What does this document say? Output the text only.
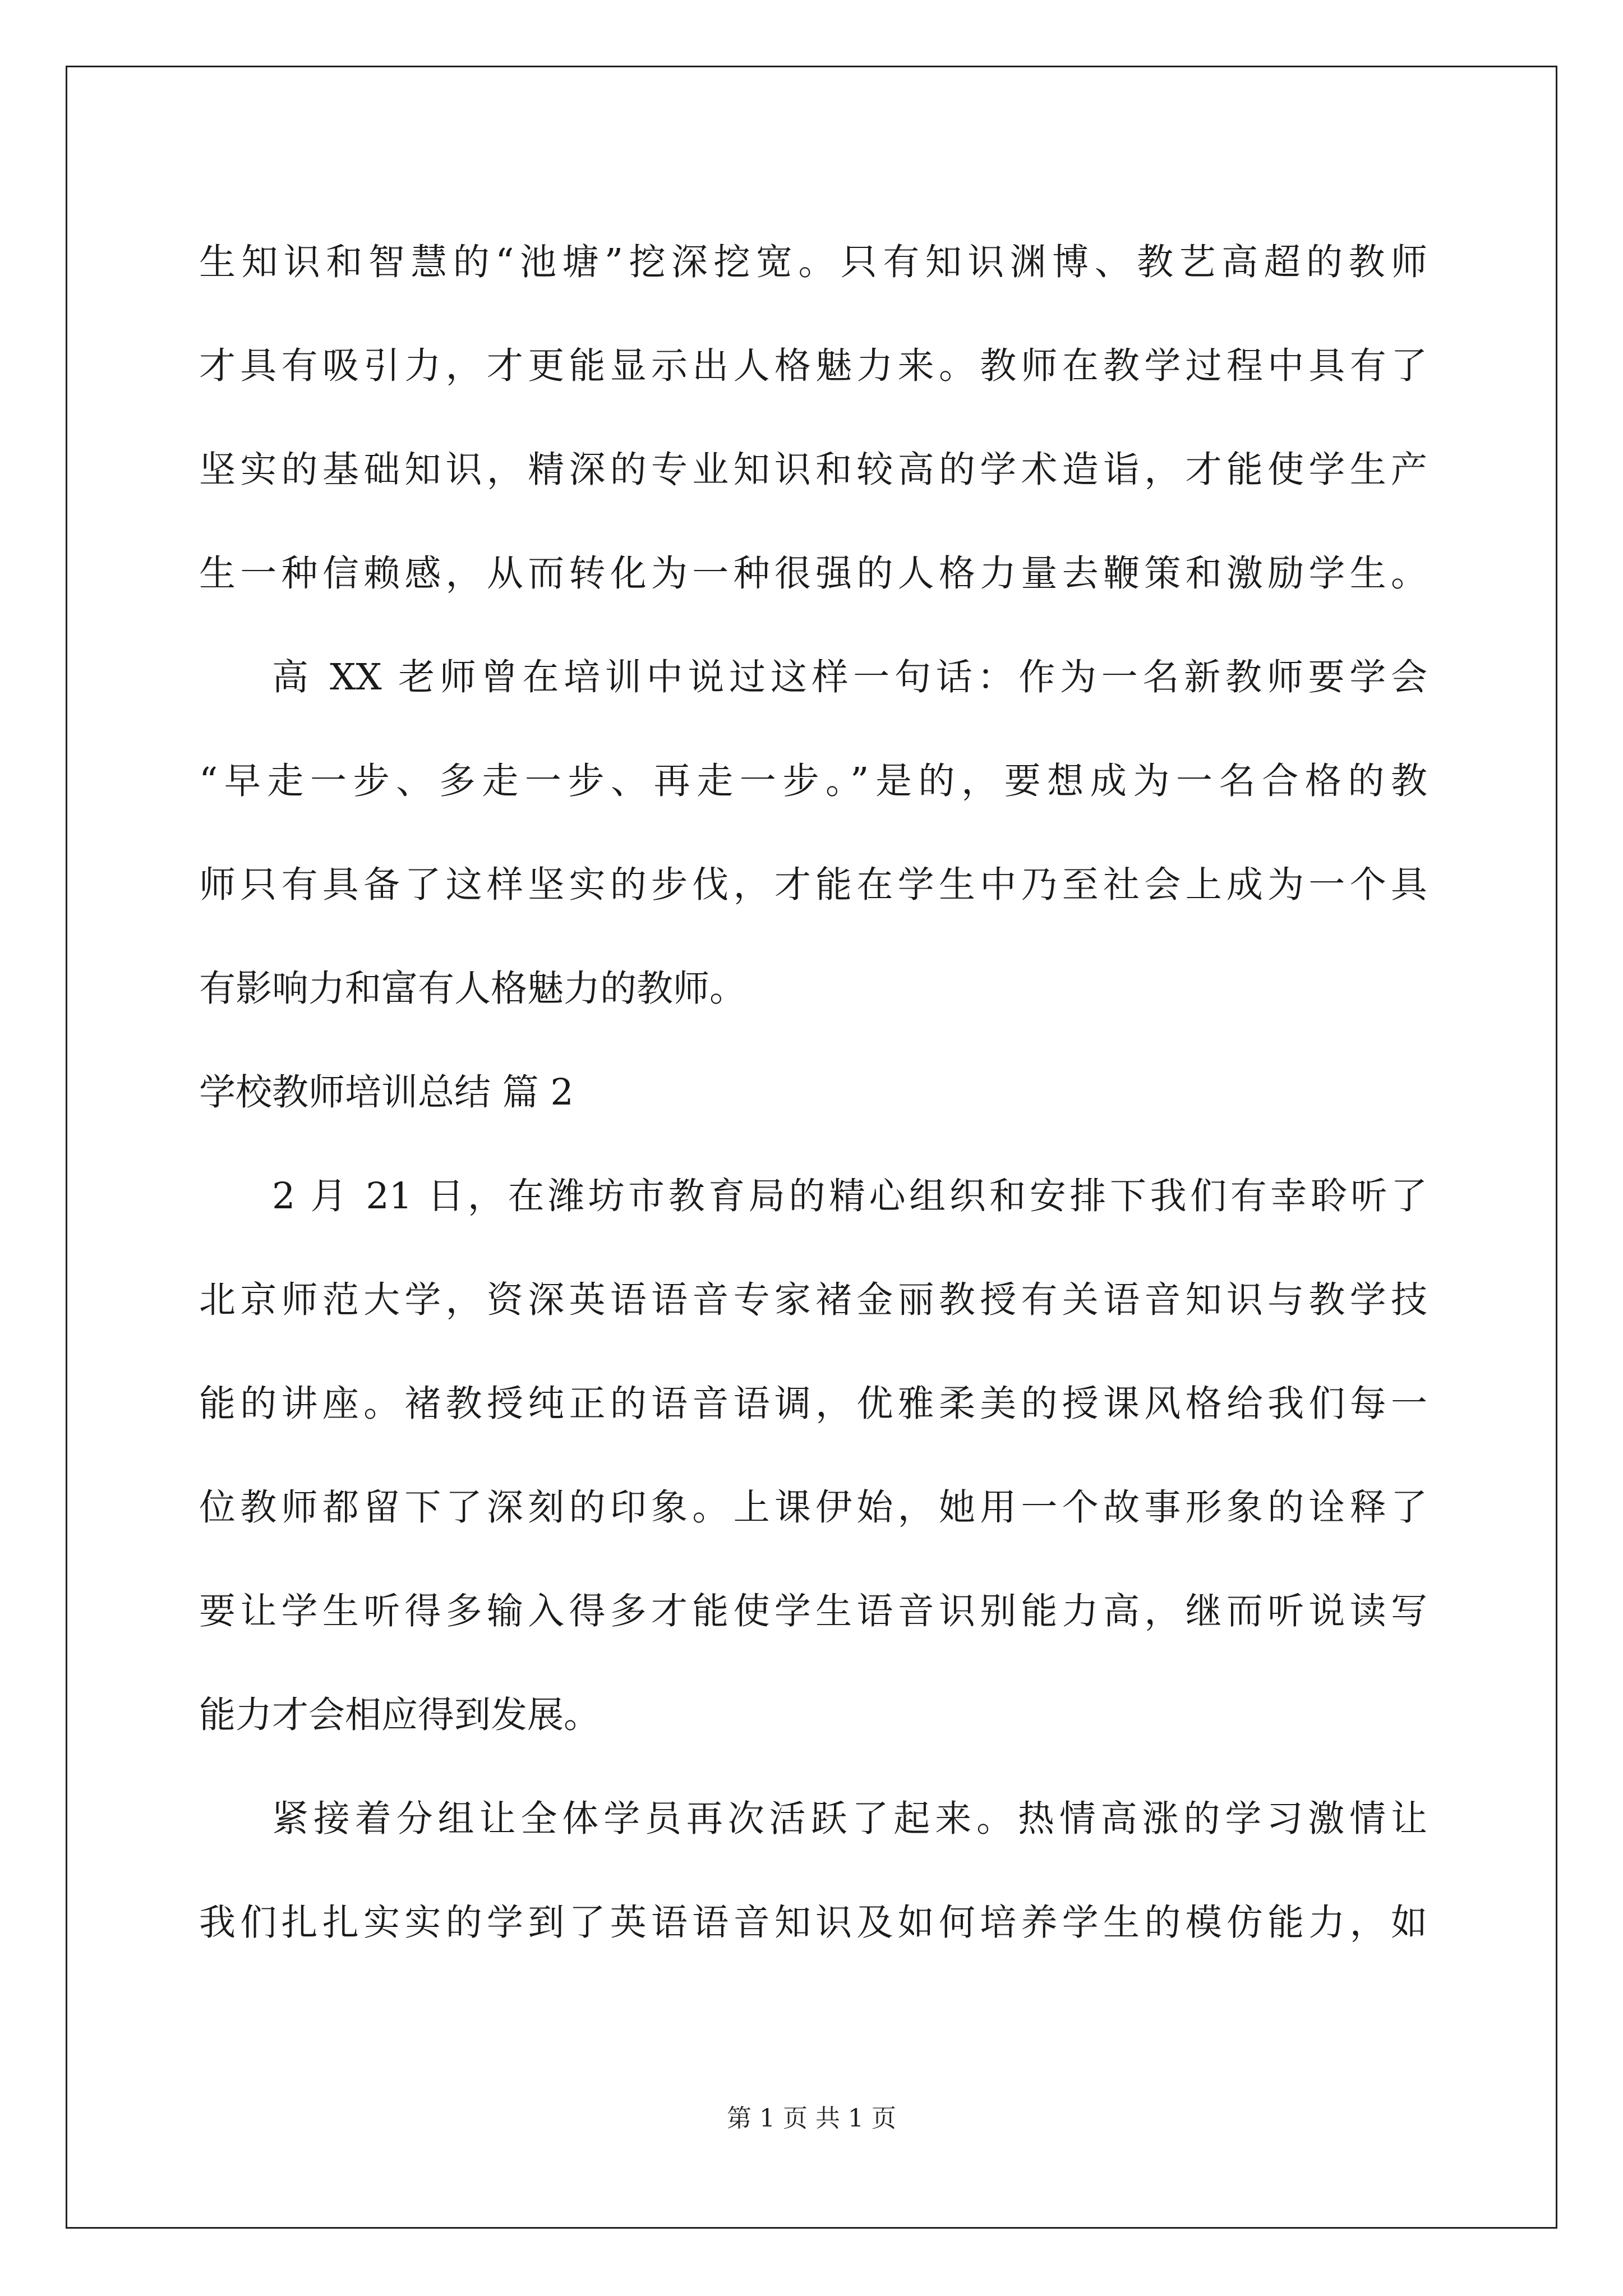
生知识和智慧的“池塘”挖深挖宽。只有知识渊博、教艺高超的教师
才具有吸引力，才更能显示出人格魅力来。教师在教学过程中具有了
坚实的基础知识，精深的专业知识和较高的学术造诣，才能使学生产
生一种信赖感，从而转化为一种很强的人格力量去鞭策和激励学生。
高 XX 老师曾在培训中说过这样一句话：作为一名新教师要学会
“早走一步、多走一步、再走一步。”是的，要想成为一名合格的教
师只有具备了这样坚实的步伐，才能在学生中乃至社会上成为一个具
有影响力和富有人格魅力的教师。
学校教师培训总结 篇 2
2 月 21 日，在潍坊市教育局的精心组织和安排下我们有幸聆听了
北京师范大学，资深英语语音专家褚金丽教授有关语音知识与教学技
能的讲座。褚教授纯正的语音语调，优雅柔美的授课风格给我们每一
位教师都留下了深刻的印象。上课伊始，她用一个故事形象的诠释了
要让学生听得多输入得多才能使学生语音识别能力高，继而听说读写
能力才会相应得到发展。
紧接着分组让全体学员再次活跃了起来。热情高涨的学习激情让
我们扎扎实实的学到了英语语音知识及如何培养学生的模仿能力，如
第 1 页 共 1 页
